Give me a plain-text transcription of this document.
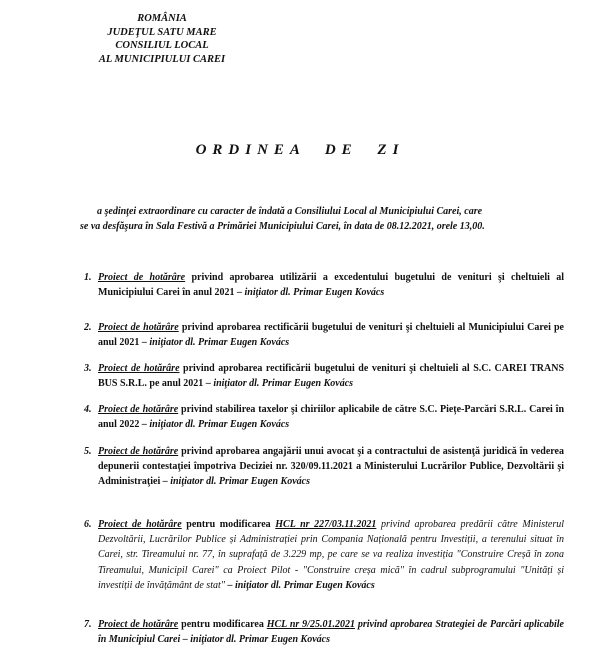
ROMÂNIA
JUDEŢUL SATU MARE
CONSILIUL LOCAL
AL MUNICIPIULUI CAREI
ORDINEA DE ZI
a şedinţei extraordinare cu caracter de îndată a Consiliului Local al Municipiului Carei, care
se va desfăşura în Sala Festivă a Primăriei Municipiului Carei, în data de 08.12.2021, orele 13,00.
1. Proiect de hotărâre privind aprobarea utilizării a excedentului bugetului de venituri şi cheltuieli al Municipiului Carei în anul 2021 – iniţiator dl. Primar Eugen Kovács
2. Proiect de hotărâre privind aprobarea rectificării bugetului de venituri şi cheltuieli al Municipiului Carei pe anul 2021 – iniţiator dl. Primar Eugen Kovács
3. Proiect de hotărâre privind aprobarea rectificării bugetului de venituri şi cheltuieli al S.C. CAREI TRANS BUS S.R.L. pe anul 2021 – iniţiator dl. Primar Eugen Kovács
4. Proiect de hotărâre privind stabilirea taxelor şi chiriilor aplicabile de către S.C. Piețe-Parcări S.R.L. Carei în anul 2022 – iniţiator dl. Primar Eugen Kovács
5. Proiect de hotărâre privind aprobarea angajării unui avocat şi a contractului de asistenţă juridică în vederea depunerii contestaţiei împotriva Deciziei nr. 320/09.11.2021 a Ministerului Lucrărilor Publice, Dezvoltării şi Administraţiei – iniţiator dl. Primar Eugen Kovács
6. Proiect de hotărâre pentru modificarea HCL nr 227/03.11.2021 privind aprobarea predării către Ministerul Dezvoltării, Lucrărilor Publice și Administrației prin Compania Națională pentru Investiții, a terenului situat în Carei, str. Tireamului nr. 77, în suprafață de 3.229 mp, pe care se va realiza investiția "Construire Creșă în zona Tireamului, Municipil Carei" ca Proiect Pilot - "Construire creșa mică" în cadrul subprogramului "Unități și investiții de învățământ de stat" – iniţiator dl. Primar Eugen Kovács
7. Proiect de hotărâre pentru modificarea HCL nr 9/25.01.2021 privind aprobarea Strategiei de Parcări aplicabile în Municipiul Carei – iniţiator dl. Primar Eugen Kovács
